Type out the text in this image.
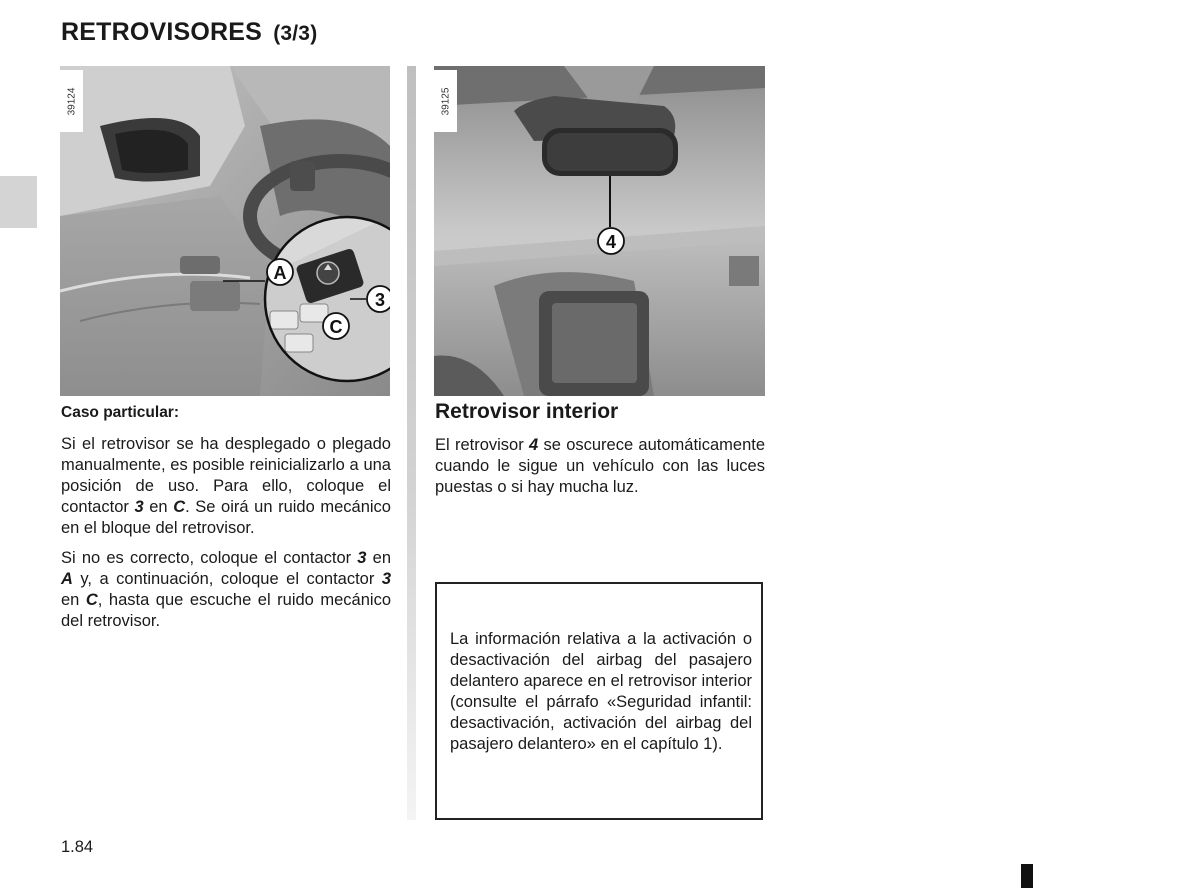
RETROVISORES (3/3)
A
3
C
39124
4
39125

Caso particular:

Si el retrovisor se ha desplegado o plegado manualmente, es posible reinicializarlo a una posición de uso. Para ello, coloque el contactor 3 en C. Se oirá un ruido mecánico en el bloque del retrovisor.

Si no es correcto, coloque el contactor 3 en A y, a continuación, coloque el contactor 3 en C, hasta que escuche el ruido mecánico del retrovisor.

Retrovisor interior

El retrovisor 4 se oscurece automáticamente cuando le sigue un vehículo con las luces puestas o si hay mucha luz.

La información relativa a la activación o desactivación del airbag del pasajero delantero aparece en el retrovisor interior (consulte el párrafo «Seguridad infantil: desactivación, activación del airbag del pasajero delantero» en el capítulo 1).

1.84
